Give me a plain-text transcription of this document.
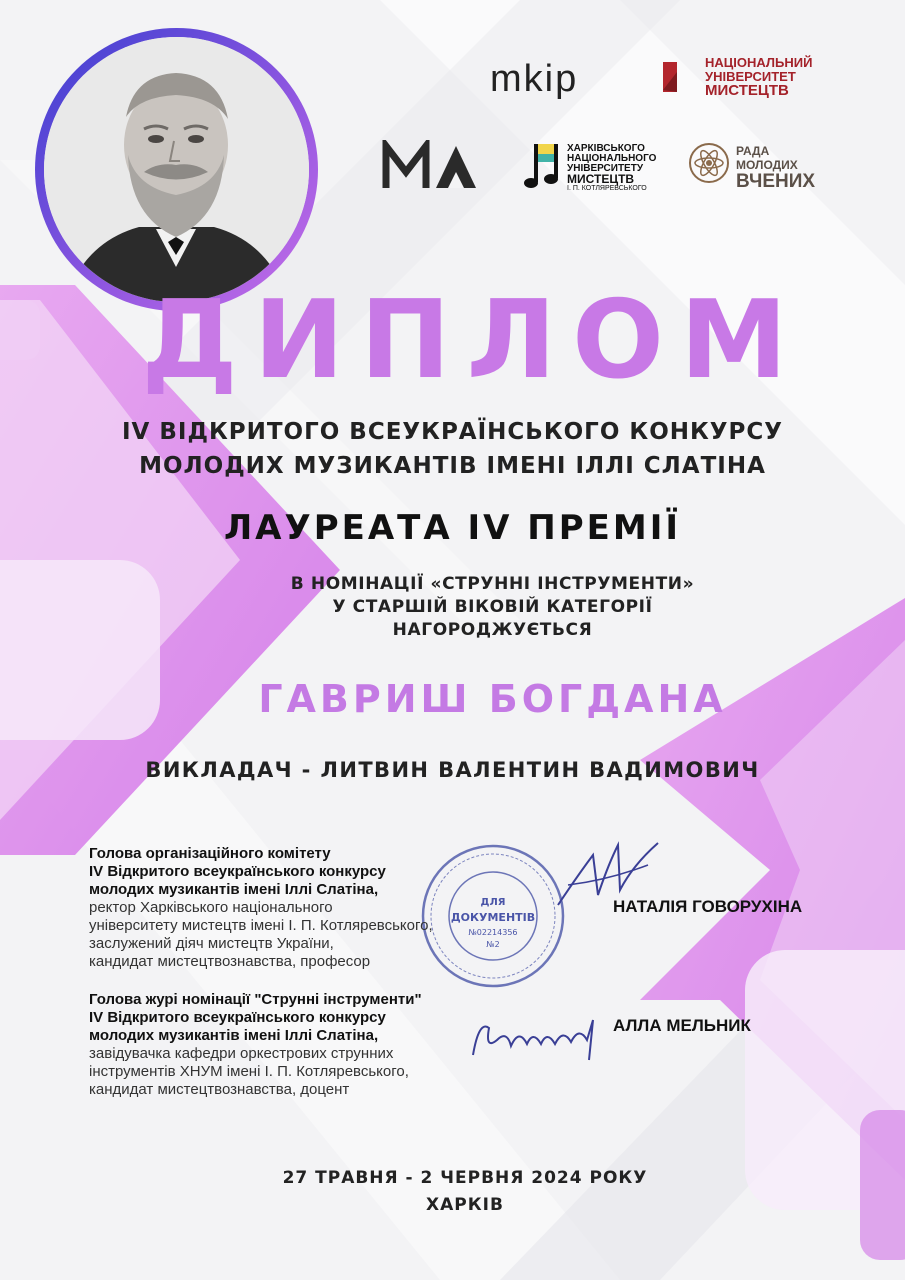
mkip	НАЦІОНАЛЬНИЙ
УНІВЕРСИТЕТ
МИСТЕЦТВ
ХАРКІВСЬКОГО
НАЦІОНАЛЬНОГО
УНІВЕРСИТЕТУ
МИСТЕЦТВ
І. П. КОТЛЯРЕВСЬКОГО
РАДА МОЛОДИХ
ВЧЕНИХ
ДИПЛОМ
IV ВІДКРИТОГО ВСЕУКРАЇНСЬКОГО КОНКУРСУ
МОЛОДИХ МУЗИКАНТІВ ІМЕНІ ІЛЛІ СЛАТІНА
ЛАУРЕАТА IV ПРЕМІЇ
В НОМІНАЦІЇ «СТРУННІ ІНСТРУМЕНТИ»
У СТАРШІЙ ВІКОВІЙ КАТЕГОРІЇ
НАГОРОДЖУЄТЬСЯ
ГАВРИШ БОГДАНА
ВИКЛАДАЧ - ЛИТВИН ВАЛЕНТИН ВАДИМОВИЧ
ДЛЯ
ДОКУМЕНТІВ
№02214356
№2
Голова організаційного комітету
IV Відкритого всеукраїнського конкурсу
молодих музикантів імені Іллі Слатіна,
ректор Харківського національного
університету мистецтв імені І. П. Котляревського,
заслужений діяч мистецтв України,
кандидат мистецтвознавства, професор
НАТАЛІЯ ГОВОРУХІНА
Голова журі номінації "Струнні інструменти"
IV Відкритого всеукраїнського конкурсу
молодих музикантів імені Іллі Слатіна,
завідувачка кафедри оркестрових струнних
інструментів ХНУМ імені І. П. Котляревського,
кандидат мистецтвознавства, доцент
АЛЛА МЕЛЬНИК
27 ТРАВНЯ - 2 ЧЕРВНЯ 2024 РОКУ
ХАРКІВ
